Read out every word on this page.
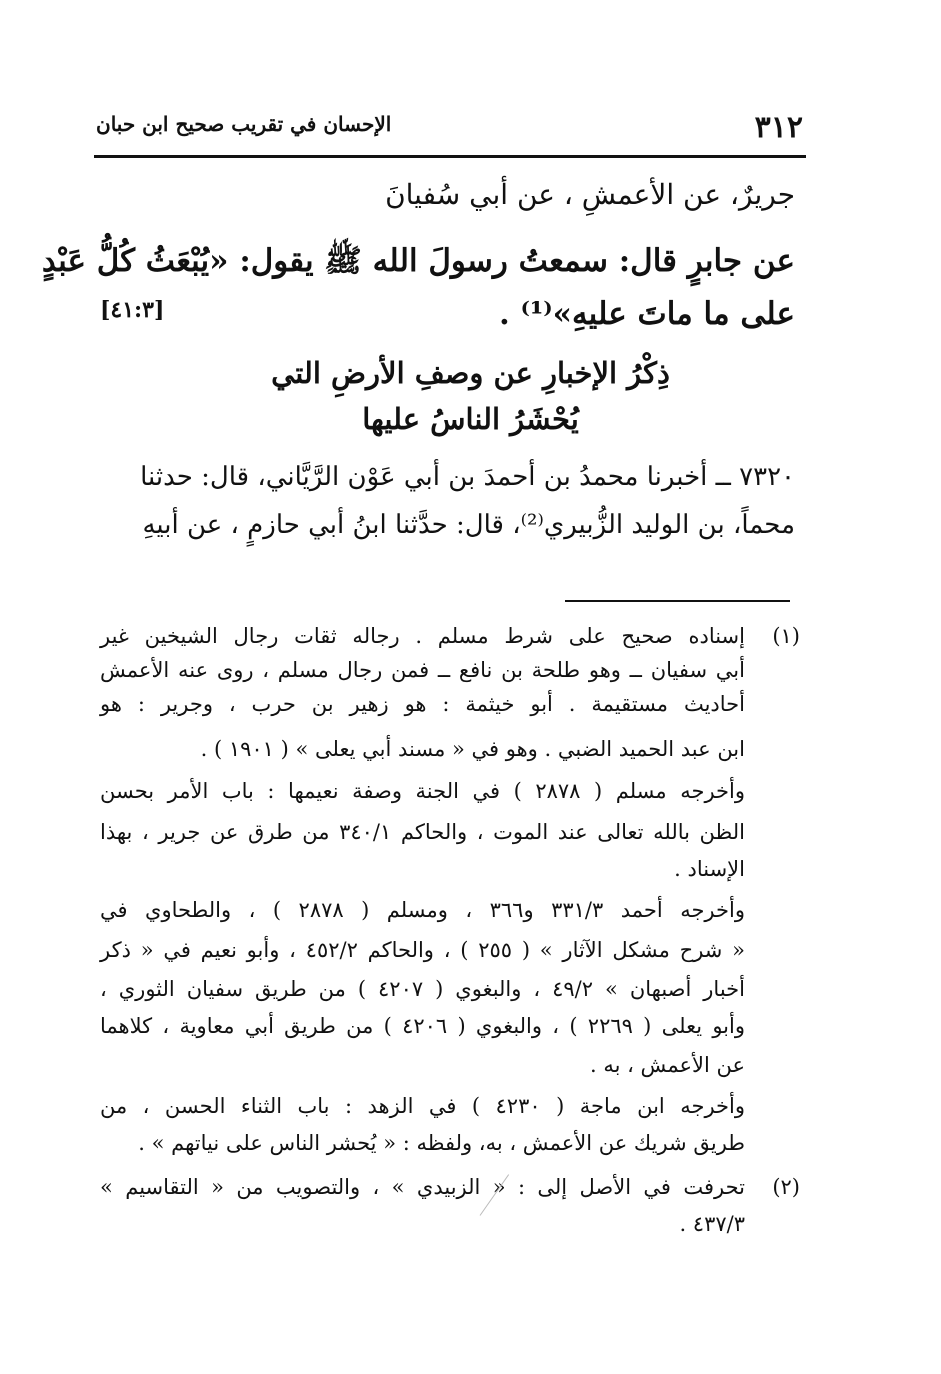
٣١٢
الإحسان في تقريب صحيح ابن حبان
جريرٌ، عن الأعمشِ ، عن أبي سُفيانَ
عن جابرٍ قال: سمعتُ رسولَ الله ﷺ يقول: «يُبْعَثُ كُلُّ عَبْدٍ
على ما ماتَ عليهِ»⁽¹⁾ .
[٤١:٣]
ذِكْرُ الإخبارِ عن وصفِ الأرضِ التي
يُحْشَرُ الناسُ عليها
٧٣٢٠ ــ أخبرنا محمدُ بن أحمدَ بن أبي عَوْن الرَّيَّاني، قال: حدثنا
محماً، بن الوليد الزُّبيري⁽²⁾، قال: حدَّثنا ابنُ أبي حازمٍ ، عن أبيهِ
(١)
إسناده صحيح على شرط مسلم . رجاله ثقات رجال الشيخين غير
أبي سفيان ــ وهو طلحة بن نافع ــ فمن رجال مسلم ، روى عنه الأعمش
أحاديث مستقيمة . أبو خيثمة : هو زهير بن حرب ، وجرير : هو
ابن عبد الحميد الضبي . وهو في « مسند أبي يعلى » ( ١٩٠١ ) .
وأخرجه مسلم ( ٢٨٧٨ ) في الجنة وصفة نعيمها : باب الأمر بحسن
الظن بالله تعالى عند الموت ، والحاكم ٣٤٠/١ من طرق عن جرير ، بهذا
الإسناد .
وأخرجه أحمد ٣٣١/٣ و٣٦٦ ، ومسلم ( ٢٨٧٨ ) ، والطحاوي في
« شرح مشكل الآثار » ( ٢٥٥ ) ، والحاكم ٤٥٢/٢ ، وأبو نعيم في « ذكر
أخبار أصبهان » ٤٩/٢ ، والبغوي ( ٤٢٠٧ ) من طريق سفيان الثوري ،
وأبو يعلى ( ٢٢٦٩ ) ، والبغوي ( ٤٢٠٦ ) من طريق أبي معاوية ، كلاهما
عن الأعمش ، به .
وأخرجه ابن ماجة ( ٤٢٣٠ ) في الزهد : باب الثناء الحسن ، من
طريق شريك عن الأعمش ، به، ولفظه : « يُحشر الناس على نياتهم » .
(٢)
تحرفت في الأصل إلى : « الزبيدي » ، والتصويب من « التقاسيم »
٤٣٧/٣ .
